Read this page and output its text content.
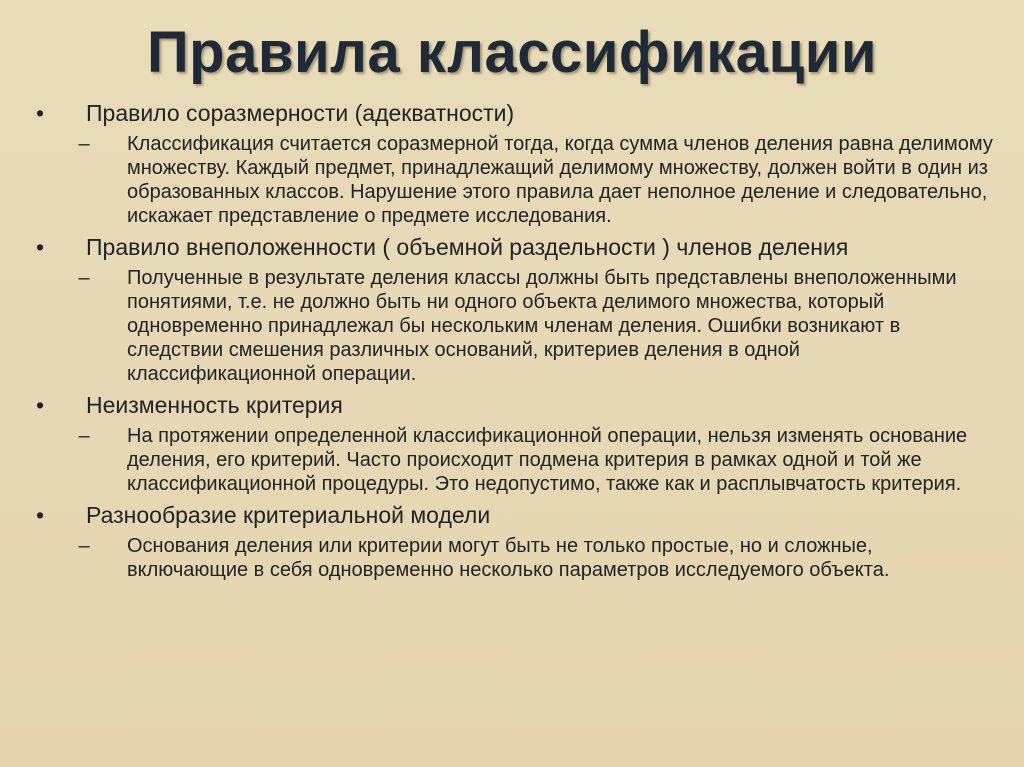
Правила классификации
• Правило соразмерности (адекватности)
–	Классификация считается соразмерной тогда, когда сумма членов деления равна делимому множеству. Каждый предмет, принадлежащий делимому множеству, должен войти в один из образованных классов. Нарушение этого правила дает неполное деление и следовательно, искажает представление о предмете исследования.
• Правило внеположенности ( объемной раздельности ) членов деления
–	Полученные в результате деления классы должны быть представлены внеположенными понятиями, т.е. не должно быть ни одного объекта делимого множества, который одновременно принадлежал бы нескольким членам деления. Ошибки возникают в следствии смешения различных оснований, критериев деления в одной классификационной операции.
• Неизменность критерия
–	На протяжении определенной классификационной операции, нельзя изменять основание деления, его критерий. Часто происходит подмена критерия в рамках одной и той же классификационной процедуры. Это недопустимо, также как и расплывчатость критерия.
• Разнообразие критериальной модели
–	Основания деления или критерии могут быть не только простые, но и сложные, включающие в себя одновременно несколько параметров исследуемого объекта.
